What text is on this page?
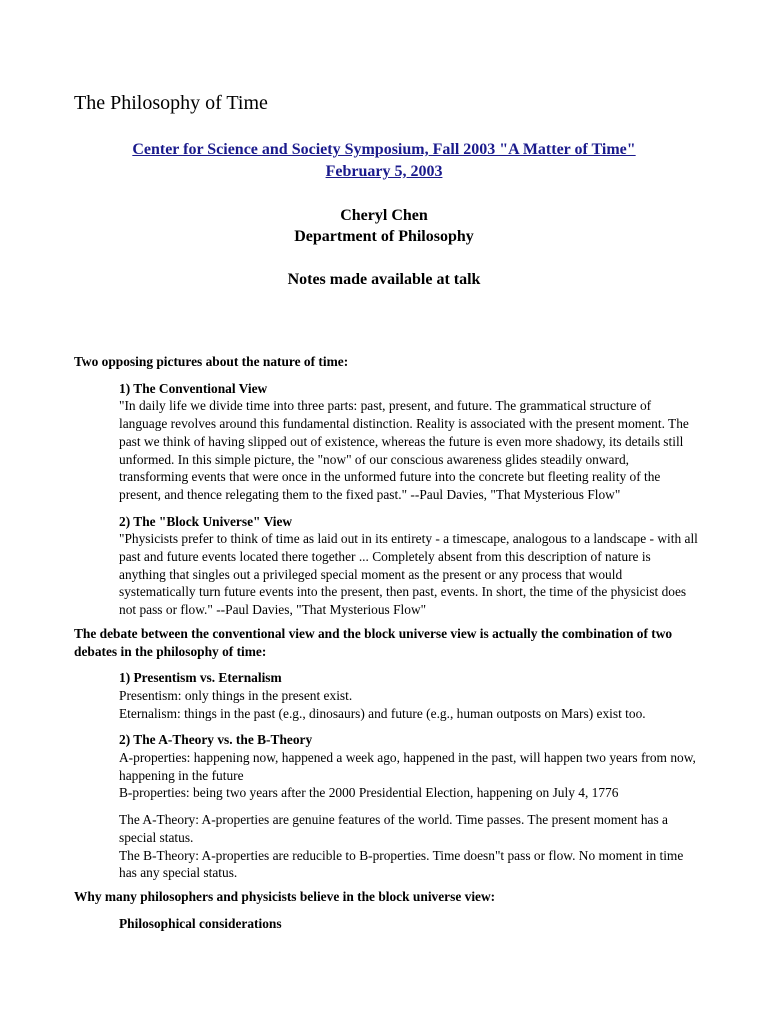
The Philosophy of Time
Center for Science and Society Symposium, Fall 2003 "A Matter of Time"
February 5, 2003
Cheryl Chen
Department of Philosophy
Notes made available at talk

Two opposing pictures about the nature of time:

1) The Conventional View

"In daily life we divide time into three parts: past, present, and future. The grammatical structure of language revolves around this fundamental distinction. Reality is associated with the present moment. The past we think of having slipped out of existence, whereas the future is even more shadowy, its details still unformed. In this simple picture, the "now" of our conscious awareness glides steadily onward, transforming events that were once in the unformed future into the concrete but fleeting reality of the present, and thence relegating them to the fixed past." --Paul Davies, "That Mysterious Flow"

2) The "Block Universe" View

"Physicists prefer to think of time as laid out in its entirety - a timescape, analogous to a landscape - with all past and future events located there together ... Completely absent from this description of nature is anything that singles out a privileged special moment as the present or any process that would systematically turn future events into the present, then past, events. In short, the time of the physicist does not pass or flow." --Paul Davies, "That Mysterious Flow"

The debate between the conventional view and the block universe view is actually the combination of two debates in the philosophy of time:

1) Presentism vs. Eternalism

Presentism: only things in the present exist.

Eternalism: things in the past (e.g., dinosaurs) and future (e.g., human outposts on Mars) exist too.

2) The A-Theory vs. the B-Theory

A-properties: happening now, happened a week ago, happened in the past, will happen two years from now, happening in the future

B-properties: being two years after the 2000 Presidential Election, happening on July 4, 1776

The A-Theory: A-properties are genuine features of the world. Time passes. The present moment has a special status.

The B-Theory: A-properties are reducible to B-properties. Time doesn"t pass or flow. No moment in time has any special status.

Why many philosophers and physicists believe in the block universe view:

Philosophical considerations
